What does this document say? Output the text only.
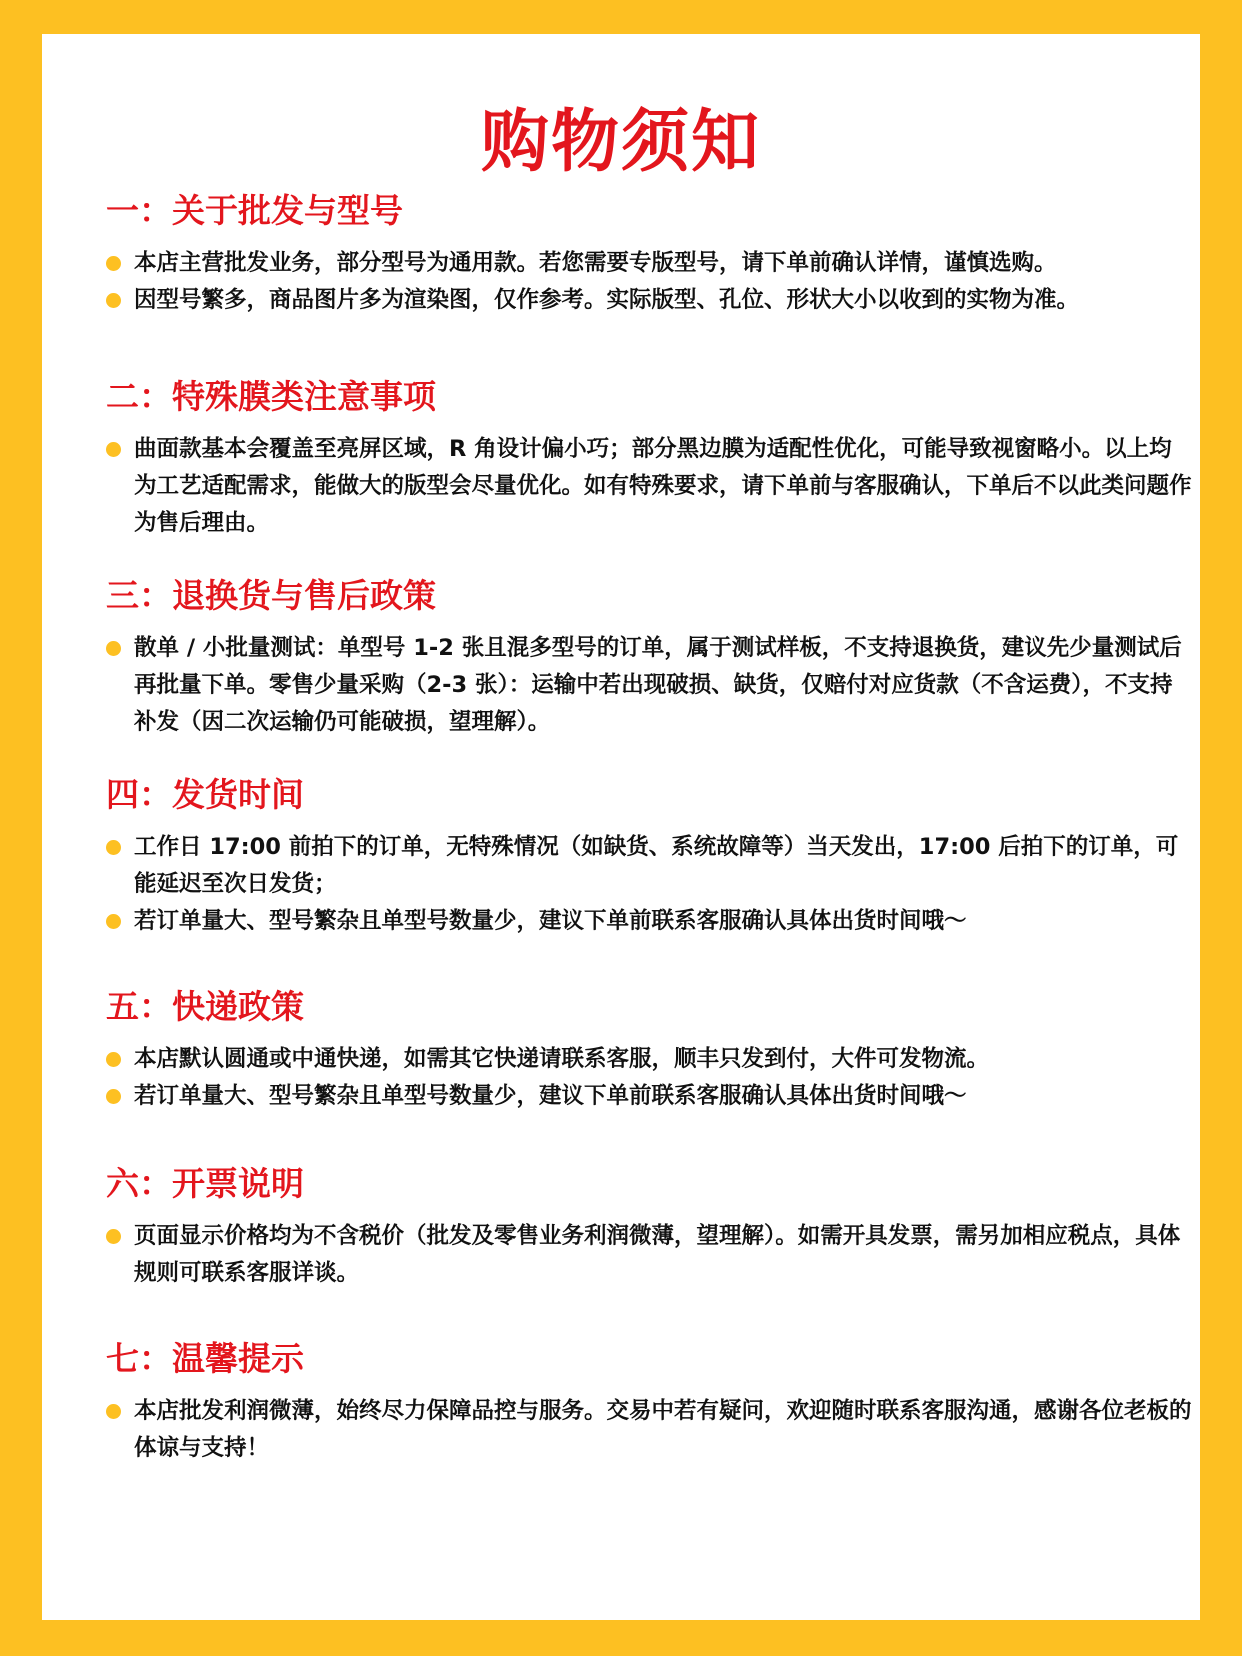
购物须知
一：关于批发与型号
本店主营批发业务，部分型号为通用款。若您需要专版型号，请下单前确认详情，谨慎选购。
因型号繁多，商品图片多为渲染图，仅作参考。实际版型、孔位、形状大小以收到的实物为准。
二：特殊膜类注意事项
曲面款基本会覆盖至亮屏区域，R 角设计偏小巧；部分黑边膜为适配性优化，可能导致视窗略小。以上均为工艺适配需求，能做大的版型会尽量优化。如有特殊要求，请下单前与客服确认，下单后不以此类问题作为售后理由。
三：退换货与售后政策
散单 / 小批量测试：单型号 1-2 张且混多型号的订单，属于测试样板，不支持退换货，建议先少量测试后再批量下单。零售少量采购（2-3 张）：运输中若出现破损、缺货，仅赔付对应货款（不含运费），不支持补发（因二次运输仍可能破损，望理解）。
四：发货时间
工作日 17:00 前拍下的订单，无特殊情况（如缺货、系统故障等）当天发出，17:00 后拍下的订单，可能延迟至次日发货；
若订单量大、型号繁杂且单型号数量少，建议下单前联系客服确认具体出货时间哦～
五：快递政策
本店默认圆通或中通快递，如需其它快递请联系客服，顺丰只发到付，大件可发物流。
若订单量大、型号繁杂且单型号数量少，建议下单前联系客服确认具体出货时间哦～
六：开票说明
页面显示价格均为不含税价（批发及零售业务利润微薄，望理解）。如需开具发票，需另加相应税点，具体规则可联系客服详谈。
七：温馨提示
本店批发利润微薄，始终尽力保障品控与服务。交易中若有疑问，欢迎随时联系客服沟通，感谢各位老板的体谅与支持！
